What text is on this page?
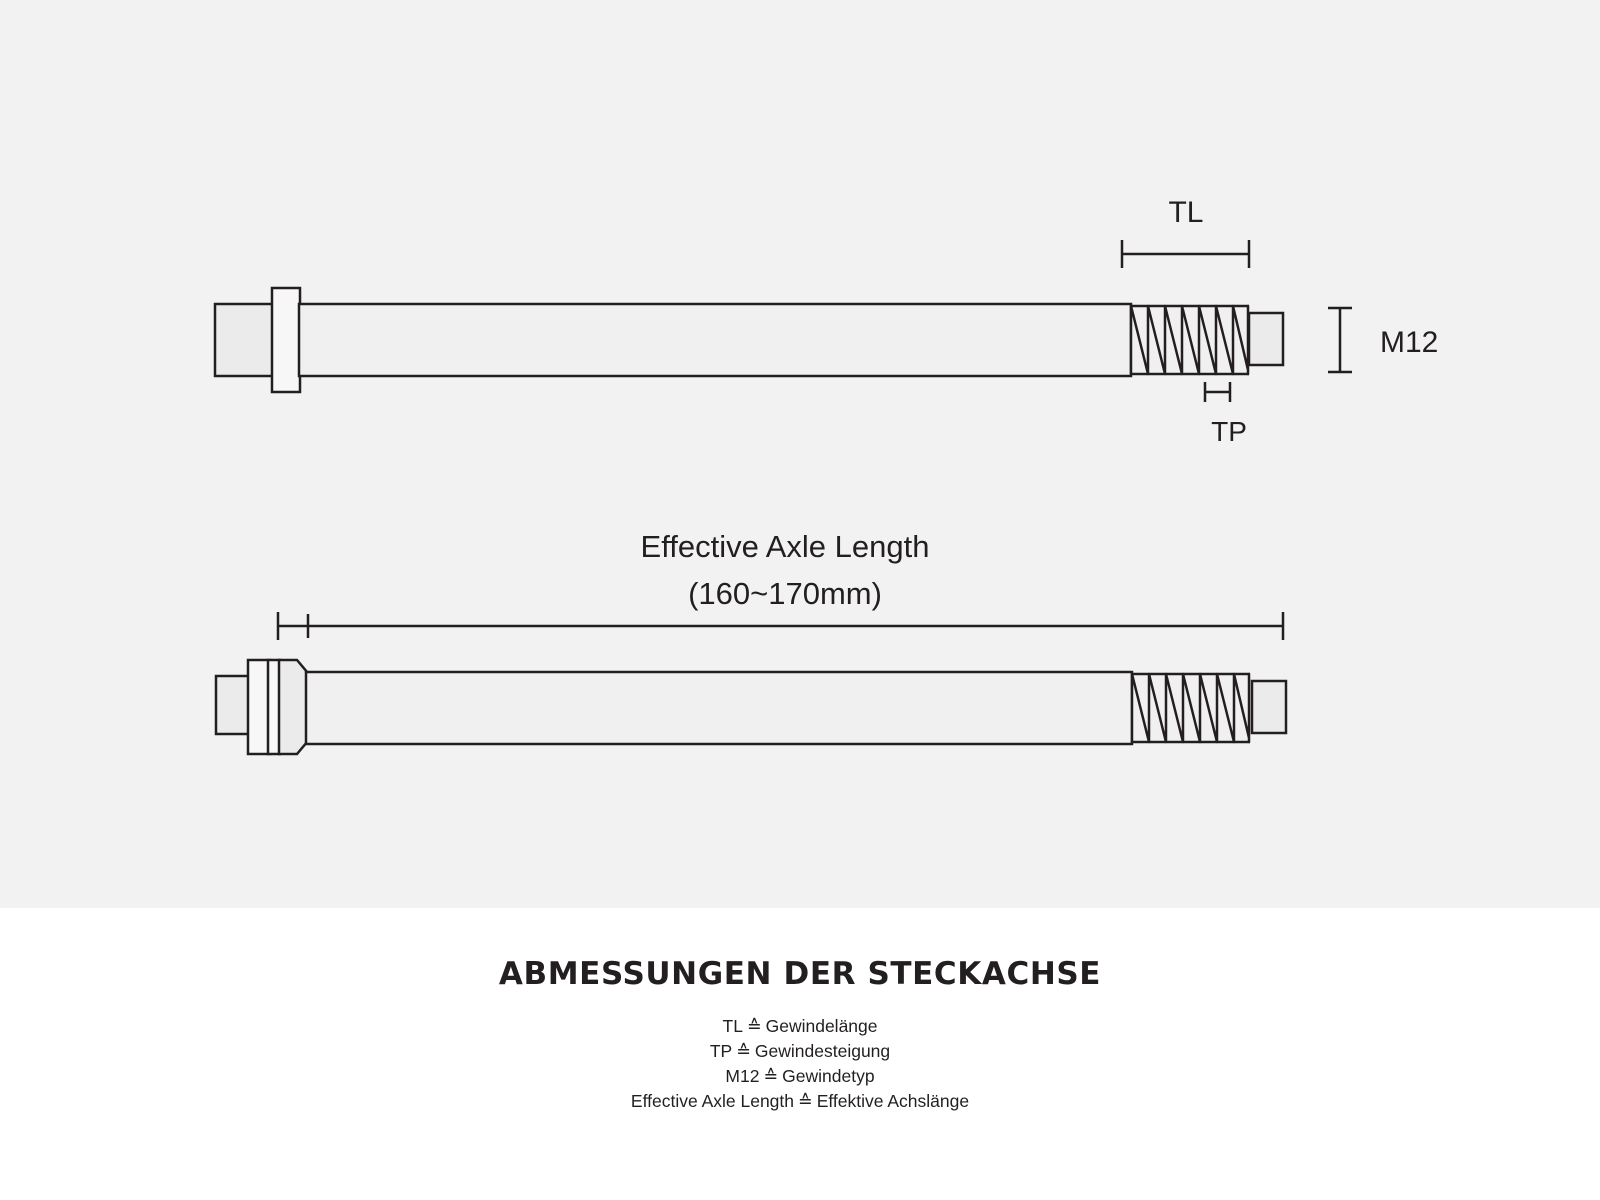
TL
TP
M12
Effective Axle Length
(160~170mm)
ABMESSUNGEN DER STECKACHSE
TL ≙ Gewindelänge
TP ≙ Gewindesteigung
M12 ≙ Gewindetyp
Effective Axle Length ≙ Effektive Achslänge
